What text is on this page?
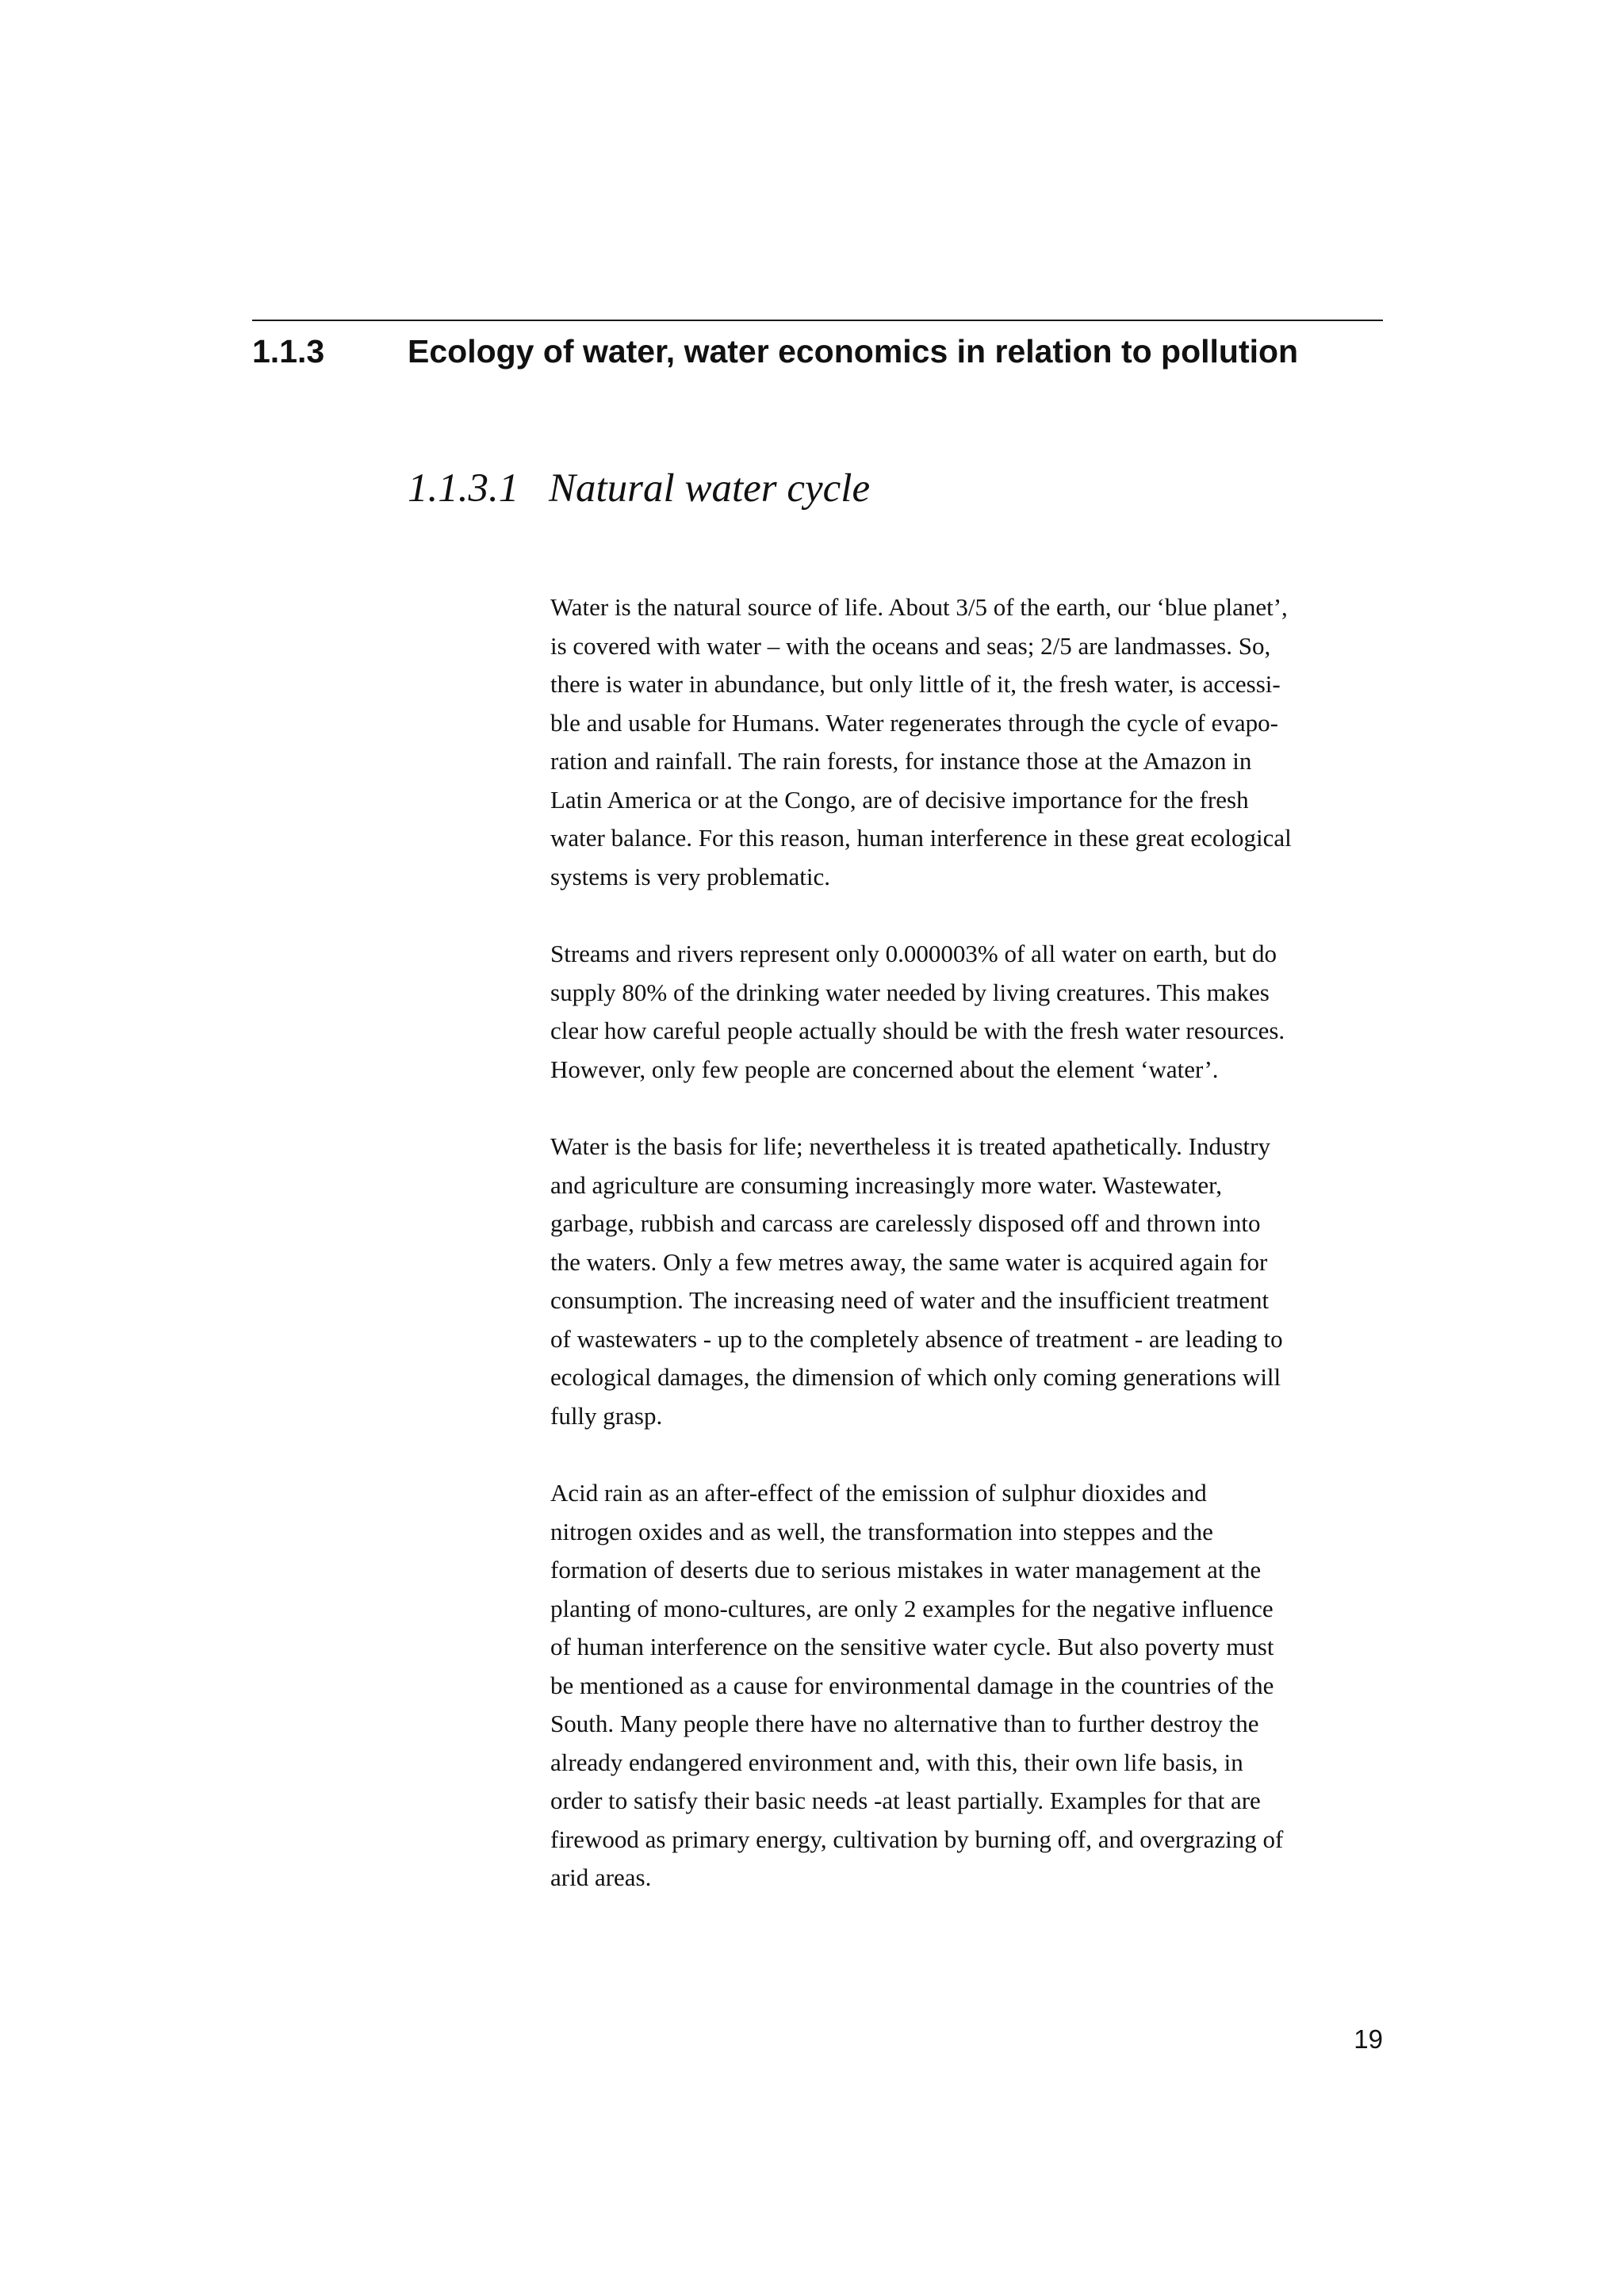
1.1.3	Ecology of water, water economics in relation to pollution
1.1.3.1 Natural water cycle
Water is the natural source of life. About 3/5 of the earth, our ‘blue planet’,
is covered with water – with the oceans and seas; 2/5 are landmasses. So,
there is water in abundance, but only little of it, the fresh water, is accessi-
ble and usable for Humans. Water regenerates through the cycle of evapo-
ration and rainfall. The rain forests, for instance those at the Amazon in
Latin America or at the Congo, are of decisive importance for the fresh
water balance. For this reason, human interference in these great ecological
systems is very problematic.
Streams and rivers represent only 0.000003% of all water on earth, but do
supply 80% of the drinking water needed by living creatures. This makes
clear how careful people actually should be with the fresh water resources.
However, only few people are concerned about the element ‘water’.
Water is the basis for life; nevertheless it is treated apathetically. Industry
and agriculture are consuming increasingly more water. Wastewater,
garbage, rubbish and carcass are carelessly disposed off and thrown into
the waters. Only a few metres away, the same water is acquired again for
consumption. The increasing need of water and the insufficient treatment
of wastewaters - up to the completely absence of treatment - are leading to
ecological damages, the dimension of which only coming generations will
fully grasp.
Acid rain as an after-effect of the emission of sulphur dioxides and
nitrogen oxides and as well, the transformation into steppes and the
formation of deserts due to serious mistakes in water management at the
planting of mono-cultures, are only 2 examples for the negative influence
of human interference on the sensitive water cycle. But also poverty must
be mentioned as a cause for environmental damage in the countries of the
South. Many people there have no alternative than to further destroy the
already endangered environment and, with this, their own life basis, in
order to satisfy their basic needs -at least partially. Examples for that are
firewood as primary energy, cultivation by burning off, and overgrazing of
arid areas.
19
